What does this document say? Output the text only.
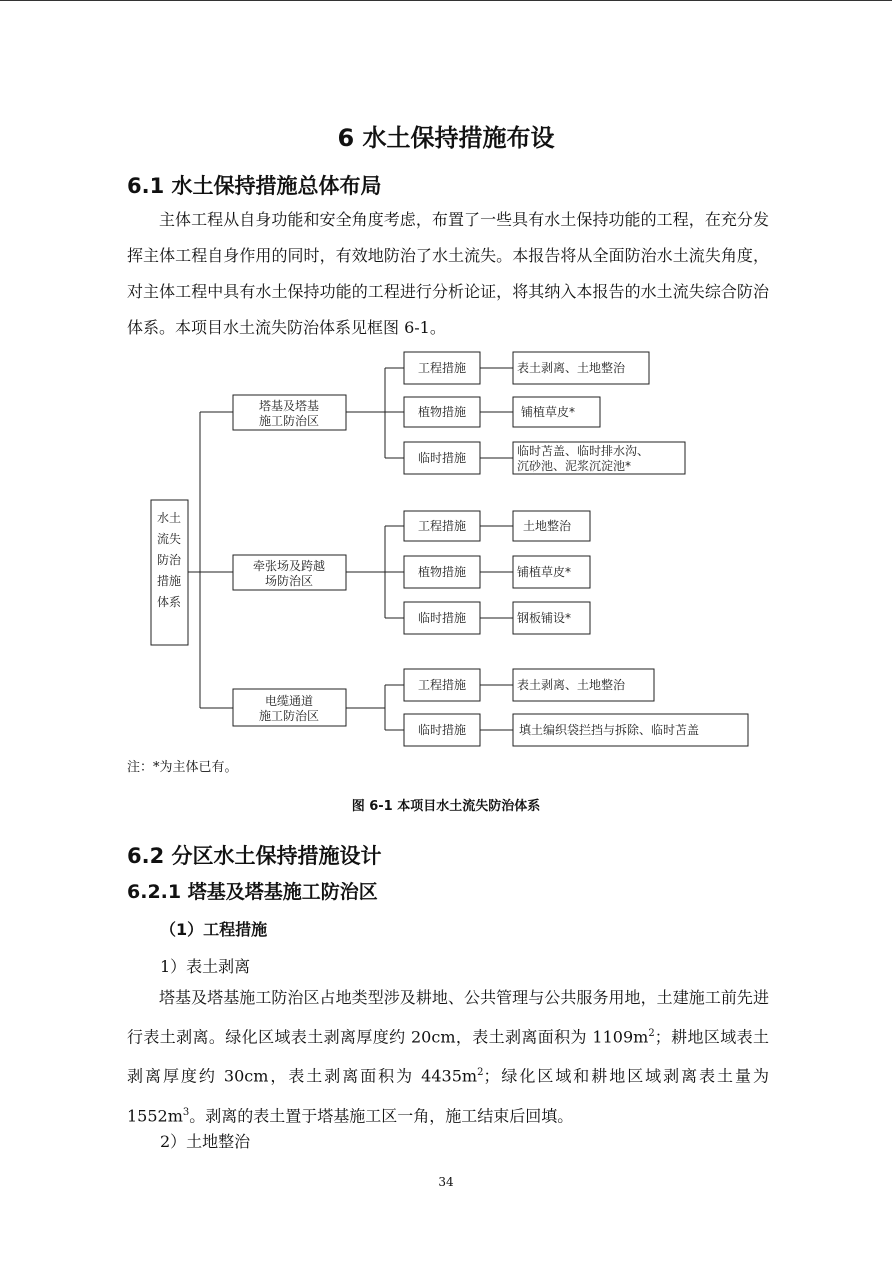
6 水土保持措施布设
6.1 水土保持措施总体布局

主体工程从自身功能和安全角度考虑，布置了一些具有水土保持功能的工程，在充分发挥主体工程自身作用的同时，有效地防治了水土流失。本报告将从全面防治水土流失角度，对主体工程中具有水土保持功能的工程进行分析论证，将其纳入本报告的水土流失综合防治体系。本项目水土流失防治体系见框图 6-1。

水土
流失
防治
措施
体系
塔基及塔基
施工防治区
牵张场及跨越
场防治区
电缆通道
施工防治区
工程措施
植物措施
临时措施
工程措施
植物措施
临时措施
工程措施
临时措施
表土剥离、土地整治
铺植草皮*
临时苫盖、临时排水沟、
沉砂池、泥浆沉淀池*
土地整治
铺植草皮*
钢板铺设*
表土剥离、土地整治
填土编织袋拦挡与拆除、临时苫盖
注：*为主体已有。
图 6-1 本项目水土流失防治体系
6.2 分区水土保持措施设计
6.2.1 塔基及塔基施工防治区
（1）工程措施
1）表土剥离

塔基及塔基施工防治区占地类型涉及耕地、公共管理与公共服务用地，土建施工前先进行表土剥离。绿化区域表土剥离厚度约 20cm，表土剥离面积为 $1109m^2$；耕地区域表土剥离厚度约 30cm，表土剥离面积为 $4435m^2$；绿化区域和耕地区域剥离表土量为 $1552m^3$。剥离的表土置于塔基施工区一角，施工结束后回填。

2）土地整治
34
